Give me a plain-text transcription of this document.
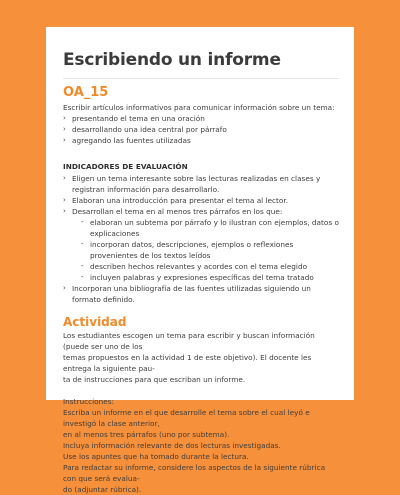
Escribiendo un informe
OA_15
Escribir artículos informativos para comunicar información sobre un tema:
› presentando el tema en una oración
› desarrollando una idea central por párrafo
› agregando las fuentes utilizadas
INDICADORES DE EVALUACIÓN
› Eligen un tema interesante sobre las lecturas realizadas en clases y registran información para desarrollarlo.
› Elaboran una introducción para presentar el tema al lector.
› Desarrollan el tema en al menos tres párrafos en los que:
- elaboran un subtema por párrafo y lo ilustran con ejemplos, datos o explicaciones
- incorporan datos, descripciones, ejemplos o reflexiones provenientes de los textos leídos
- describen hechos relevantes y acordes con el tema elegido
- incluyen palabras y expresiones específicas del tema tratado
› Incorporan una bibliografía de las fuentes utilizadas siguiendo un formato definido.
Actividad
Los estudiantes escogen un tema para escribir y buscan información (puede ser uno de los
temas propuestos en la actividad 1 de este objetivo). El docente les entrega la siguiente pau-
ta de instrucciones para que escriban un informe.
Instrucciones:
Escriba un informe en el que desarrolle el tema sobre el cual leyó e investigó la clase anterior,
en al menos tres párrafos (uno por subtema).
Incluya información relevante de dos lecturas investigadas.
Use los apuntes que ha tomado durante la lectura.
Para redactar su informe, considere los aspectos de la siguiente rúbrica con que será evalua-
do (adjuntar rúbrica).
